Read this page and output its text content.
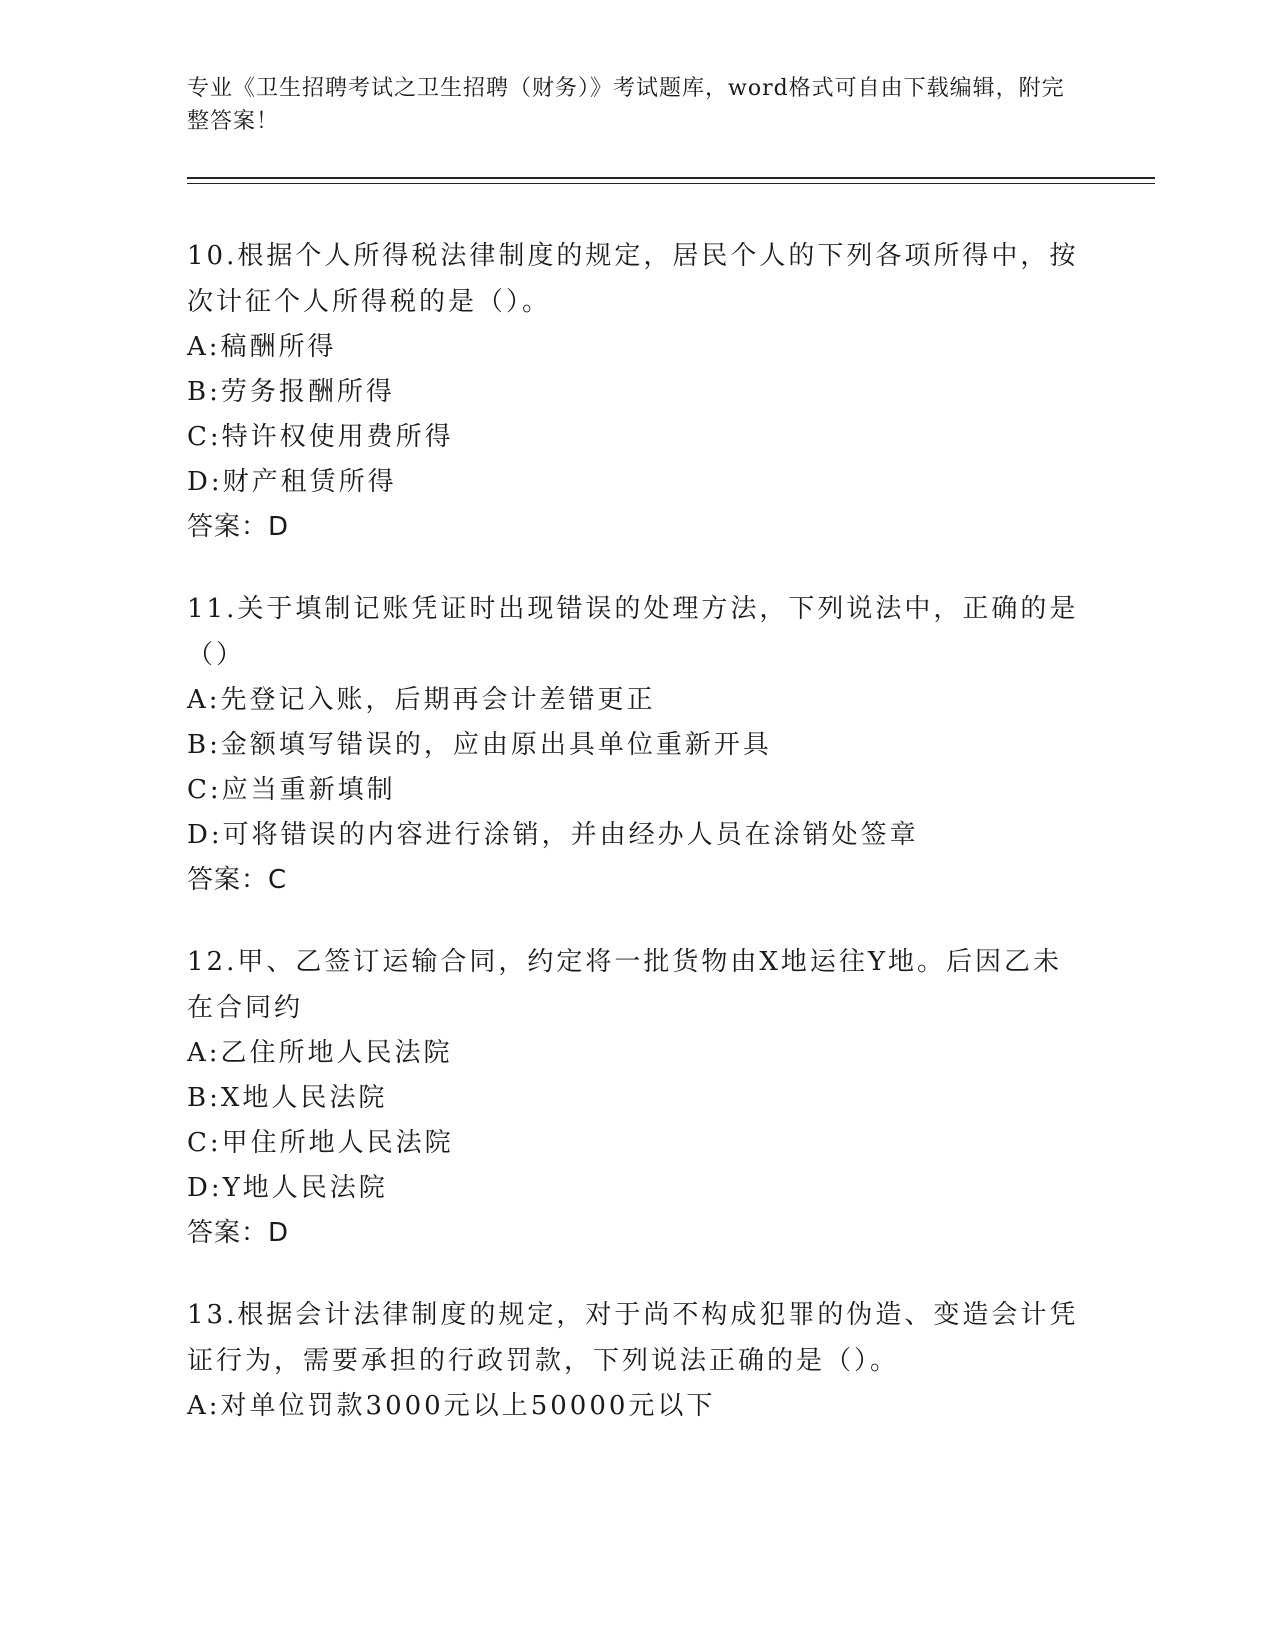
专业《卫生招聘考试之卫生招聘（财务）》考试题库，word格式可自由下载编辑，附完整答案！
10.根据个人所得税法律制度的规定，居民个人的下列各项所得中，按次计征个人所得税的是（）。
A:稿酬所得
B:劳务报酬所得
C:特许权使用费所得
D:财产租赁所得
答案：D
11.关于填制记账凭证时出现错误的处理方法，下列说法中，正确的是（）
A:先登记入账，后期再会计差错更正
B:金额填写错误的，应由原出具单位重新开具
C:应当重新填制
D:可将错误的内容进行涂销，并由经办人员在涂销处签章
答案：C
12.甲、乙签订运输合同，约定将一批货物由X地运往Y地。后因乙未在合同约
A:乙住所地人民法院
B:X地人民法院
C:甲住所地人民法院
D:Y地人民法院
答案：D
13.根据会计法律制度的规定，对于尚不构成犯罪的伪造、变造会计凭证行为，需要承担的行政罚款，下列说法正确的是（）。
A:对单位罚款3000元以上50000元以下
